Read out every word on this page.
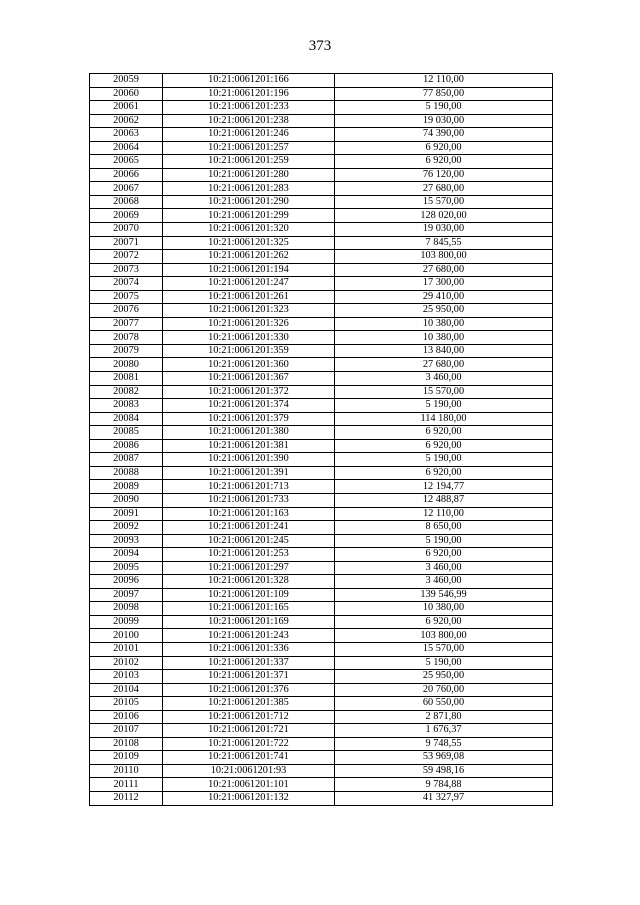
373
20059	10:21:0061201:166	12 110,00
20060	10:21:0061201:196	77 850,00
20061	10:21:0061201:233	5 190,00
20062	10:21:0061201:238	19 030,00
20063	10:21:0061201:246	74 390,00
20064	10:21:0061201:257	6 920,00
20065	10:21:0061201:259	6 920,00
20066	10:21:0061201:280	76 120,00
20067	10:21:0061201:283	27 680,00
20068	10:21:0061201:290	15 570,00
20069	10:21:0061201:299	128 020,00
20070	10:21:0061201:320	19 030,00
20071	10:21:0061201:325	7 845,55
20072	10:21:0061201:262	103 800,00
20073	10:21:0061201:194	27 680,00
20074	10:21:0061201:247	17 300,00
20075	10:21:0061201:261	29 410,00
20076	10:21:0061201:323	25 950,00
20077	10:21:0061201:326	10 380,00
20078	10:21:0061201:330	10 380,00
20079	10:21:0061201:359	13 840,00
20080	10:21:0061201:360	27 680,00
20081	10:21:0061201:367	3 460,00
20082	10:21:0061201:372	15 570,00
20083	10:21:0061201:374	5 190,00
20084	10:21:0061201:379	114 180,00
20085	10:21:0061201:380	6 920,00
20086	10:21:0061201:381	6 920,00
20087	10:21:0061201:390	5 190,00
20088	10:21:0061201:391	6 920,00
20089	10:21:0061201:713	12 194,77
20090	10:21:0061201:733	12 488,87
20091	10:21:0061201:163	12 110,00
20092	10:21:0061201:241	8 650,00
20093	10:21:0061201:245	5 190,00
20094	10:21:0061201:253	6 920,00
20095	10:21:0061201:297	3 460,00
20096	10:21:0061201:328	3 460,00
20097	10:21:0061201:109	139 546,99
20098	10:21:0061201:165	10 380,00
20099	10:21:0061201:169	6 920,00
20100	10:21:0061201:243	103 800,00
20101	10:21:0061201:336	15 570,00
20102	10:21:0061201:337	5 190,00
20103	10:21:0061201:371	25 950,00
20104	10:21:0061201:376	20 760,00
20105	10:21:0061201:385	60 550,00
20106	10:21:0061201:712	2 871,80
20107	10:21:0061201:721	1 676,37
20108	10:21:0061201:722	9 748,55
20109	10:21:0061201:741	53 969,08
20110	10:21:0061201:93	59 498,16
20111	10:21:0061201:101	9 784,88
20112	10:21:0061201:132	41 327,97
